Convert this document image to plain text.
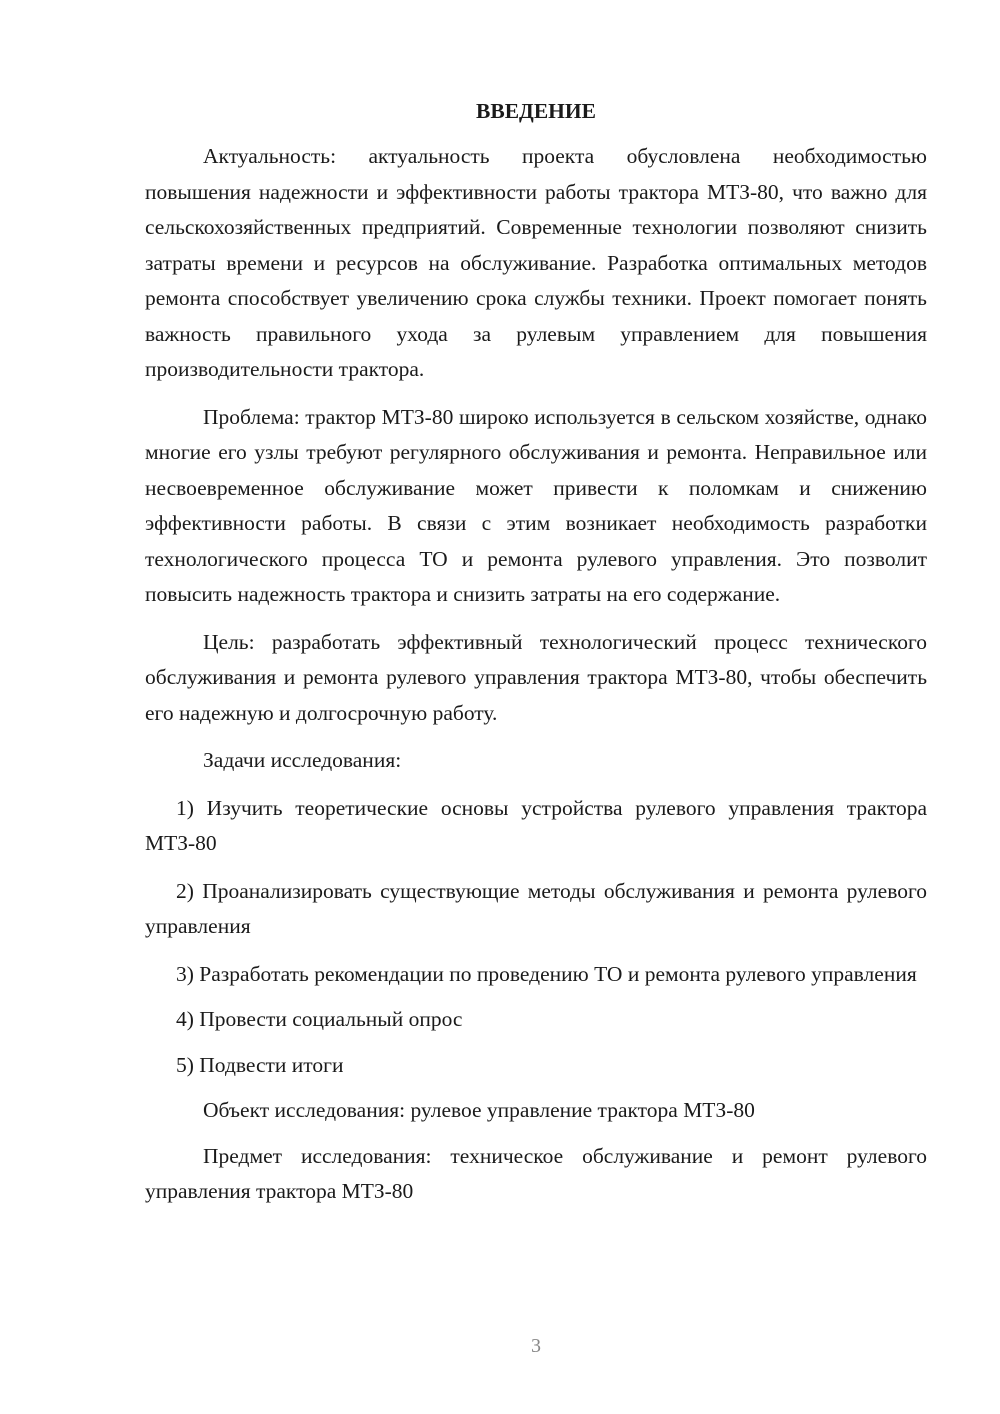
ВВЕДЕНИЕ

Актуальность: актуальность проекта обусловлена необходимостью повышения надежности и эффективности работы трактора МТЗ-80, что важно для сельскохозяйственных предприятий. Современные технологии позволяют снизить затраты времени и ресурсов на обслуживание. Разработка оптимальных методов ремонта способствует увеличению срока службы техники. Проект помогает понять важность правильного ухода за рулевым управлением для повышения производительности трактора.

Проблема: трактор МТЗ-80 широко используется в сельском хозяйстве, однако многие его узлы требуют регулярного обслуживания и ремонта. Неправильное или несвоевременное обслуживание может привести к поломкам и снижению эффективности работы. В связи с этим возникает необходимость разработки технологического процесса ТО и ремонта рулевого управления. Это позволит повысить надежность трактора и снизить затраты на его содержание.

Цель: разработать эффективный технологический процесс технического обслуживания и ремонта рулевого управления трактора МТЗ-80, чтобы обеспечить его надежную и долгосрочную работу.

Задачи исследования:

1) Изучить теоретические основы устройства рулевого управления трактора МТЗ-80

2) Проанализировать существующие методы обслуживания и ремонта рулевого управления

3) Разработать рекомендации по проведению ТО и ремонта рулевого управления

4) Провести социальный опрос

5) Подвести итоги

Объект исследования: рулевое управление трактора МТЗ-80

Предмет исследования: техническое обслуживание и ремонт рулевого управления трактора МТЗ-80

3
